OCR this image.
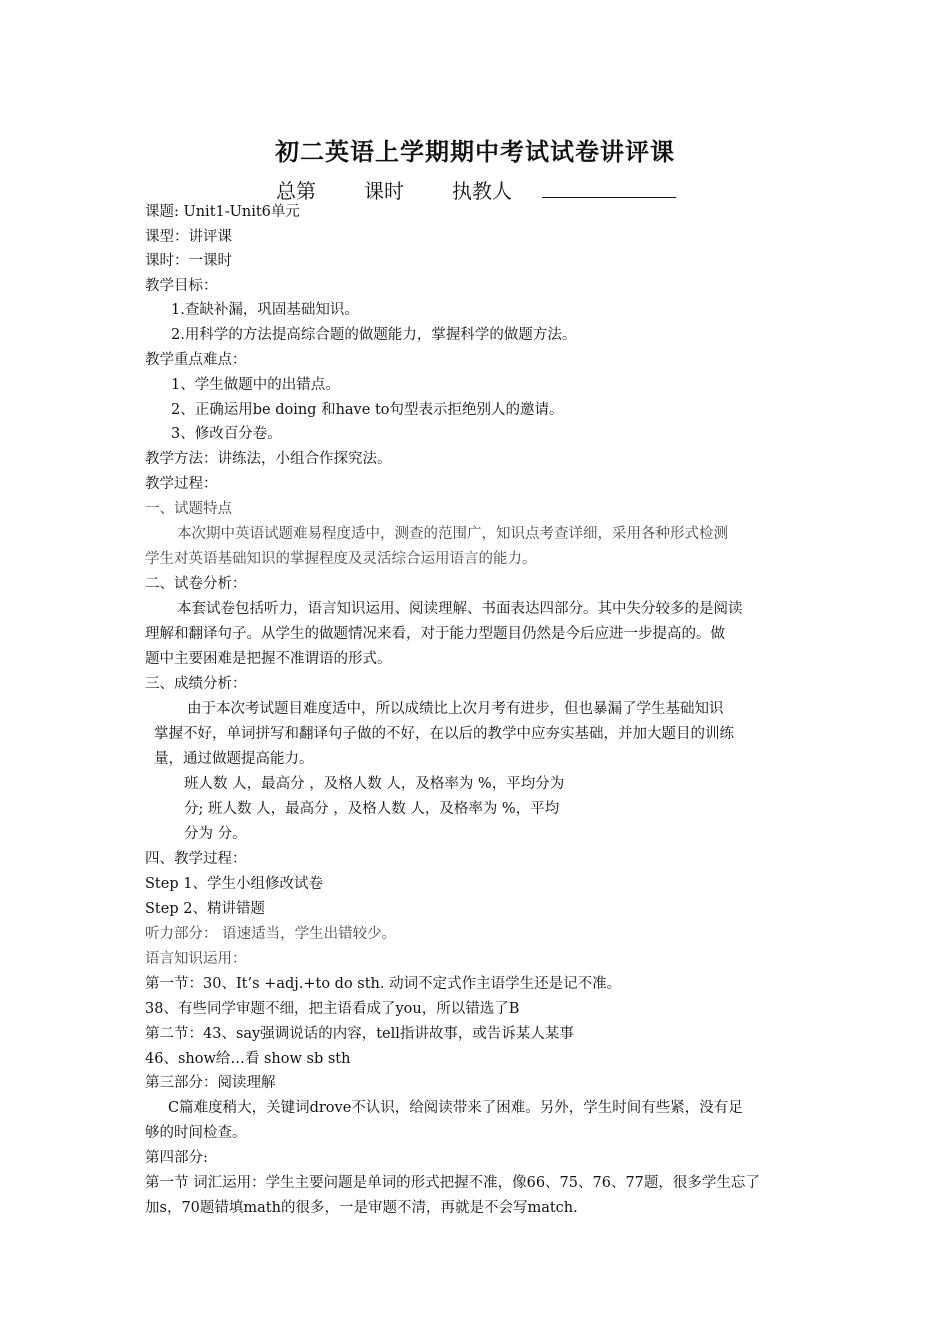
初二英语上学期期中考试试卷讲评课
总第 课时 执教人
课题: Unit1-Unit6单元
课型：讲评课
课时：一课时
教学目标：
1.查缺补漏，巩固基础知识。
2.用科学的方法提高综合题的做题能力，掌握科学的做题方法。
教学重点难点：
1、学生做题中的出错点。
2、正确运用be doing 和have to句型表示拒绝别人的邀请。
3、修改百分卷。
教学方法：讲练法，小组合作探究法。
教学过程：
一、试题特点
本次期中英语试题难易程度适中，测查的范围广，知识点考查详细，采用各种形式检测
学生对英语基础知识的掌握程度及灵活综合运用语言的能力。
二、试卷分析：
本套试卷包括听力，语言知识运用、阅读理解、书面表达四部分。其中失分较多的是阅读
理解和翻译句子。从学生的做题情况来看，对于能力型题目仍然是今后应进一步提高的。做
题中主要困难是把握不准谓语的形式。
三、成绩分析：
由于本次考试题目难度适中，所以成绩比上次月考有进步，但也暴漏了学生基础知识
掌握不好，单词拼写和翻译句子做的不好，在以后的教学中应夯实基础，并加大题目的训练
量，通过做题提高能力。
班人数 人，最高分 ，及格人数 人，及格率为 %，平均分为
分; 班人数 人，最高分 ，及格人数 人，及格率为 %，平均
分为 分。
四、教学过程：
Step 1、学生小组修改试卷
Step 2、精讲错题
听力部分： 语速适当，学生出错较少。
语言知识运用：
第一节：30、It’s +adj.+to do sth. 动词不定式作主语学生还是记不准。
38、有些同学审题不细，把主语看成了you，所以错选了B
第二节：43、say强调说话的内容，tell指讲故事，或告诉某人某事
46、show给…看 show sb sth
第三部分：阅读理解
C篇难度稍大，关键词drove不认识，给阅读带来了困难。另外，学生时间有些紧，没有足
够的时间检查。
第四部分:
第一节 词汇运用：学生主要问题是单词的形式把握不准，像66、75、76、77题，很多学生忘了
加s，70题错填math的很多，一是审题不清，再就是不会写match.
